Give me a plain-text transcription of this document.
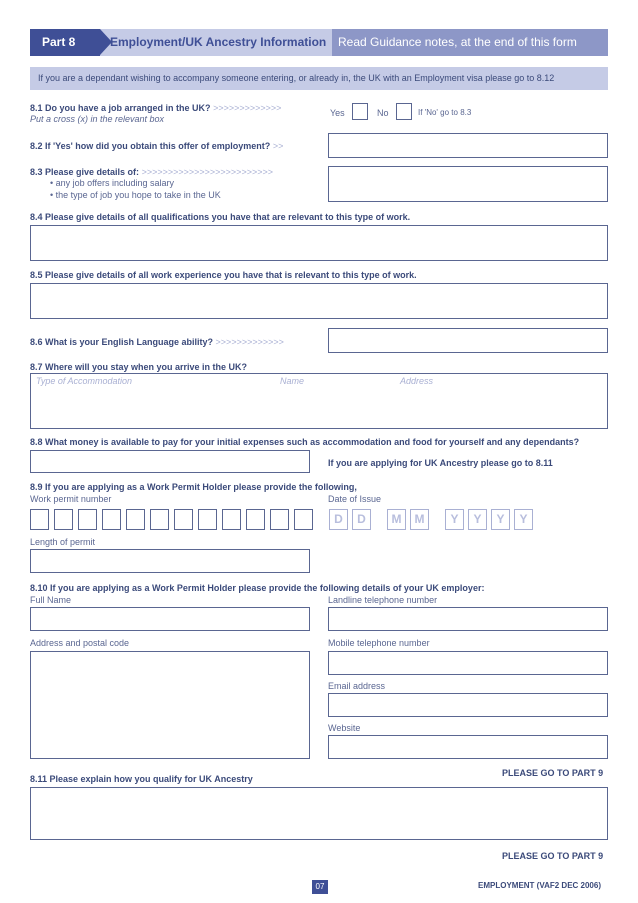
Part 8	Employment/UK Ancestry Information Read Guidance notes, at the end of this form
If you are a dependant wishing to accompany someone entering, or already in, the UK with an Employment visa please go to 8.12
8.1 Do you have a job arranged in the UK? >>>>>>>>>>>>>
Put a cross (x) in the relevant box
Yes	No	If 'No' go to 8.3
8.2 If 'Yes' how did you obtain this offer of employment? >>
8.3 Please give details of: >>>>>>>>>>>>>>>>>>>>>>>>>
• any job offers including salary
• the type of job you hope to take in the UK
8.4 Please give details of all qualifications you have that are relevant to this type of work.
8.5 Please give details of all work experience you have that is relevant to this type of work.
8.6 What is your English Language ability? >>>>>>>>>>>>>
8.7 Where will you stay when you arrive in the UK?
Type of Accommodation	Name	Address
8.8 What money is available to pay for your initial expenses such as accommodation and food for yourself and any dependants?
If you are applying for UK Ancestry please go to 8.11
8.9 If you are applying as a Work Permit Holder please provide the following,
Work permit number	Date of Issue
D	D	M	M	Y	Y	Y	Y
Length of permit
8.10 If you are applying as a Work Permit Holder please provide the following details of your UK employer:
Full Name	Landline telephone number
Address and postal code	Mobile telephone number
Email address
Website
PLEASE GO TO PART 9
8.11 Please explain how you qualify for UK Ancestry
PLEASE GO TO PART 9
07	EMPLOYMENT (VAF2 DEC 2006)
